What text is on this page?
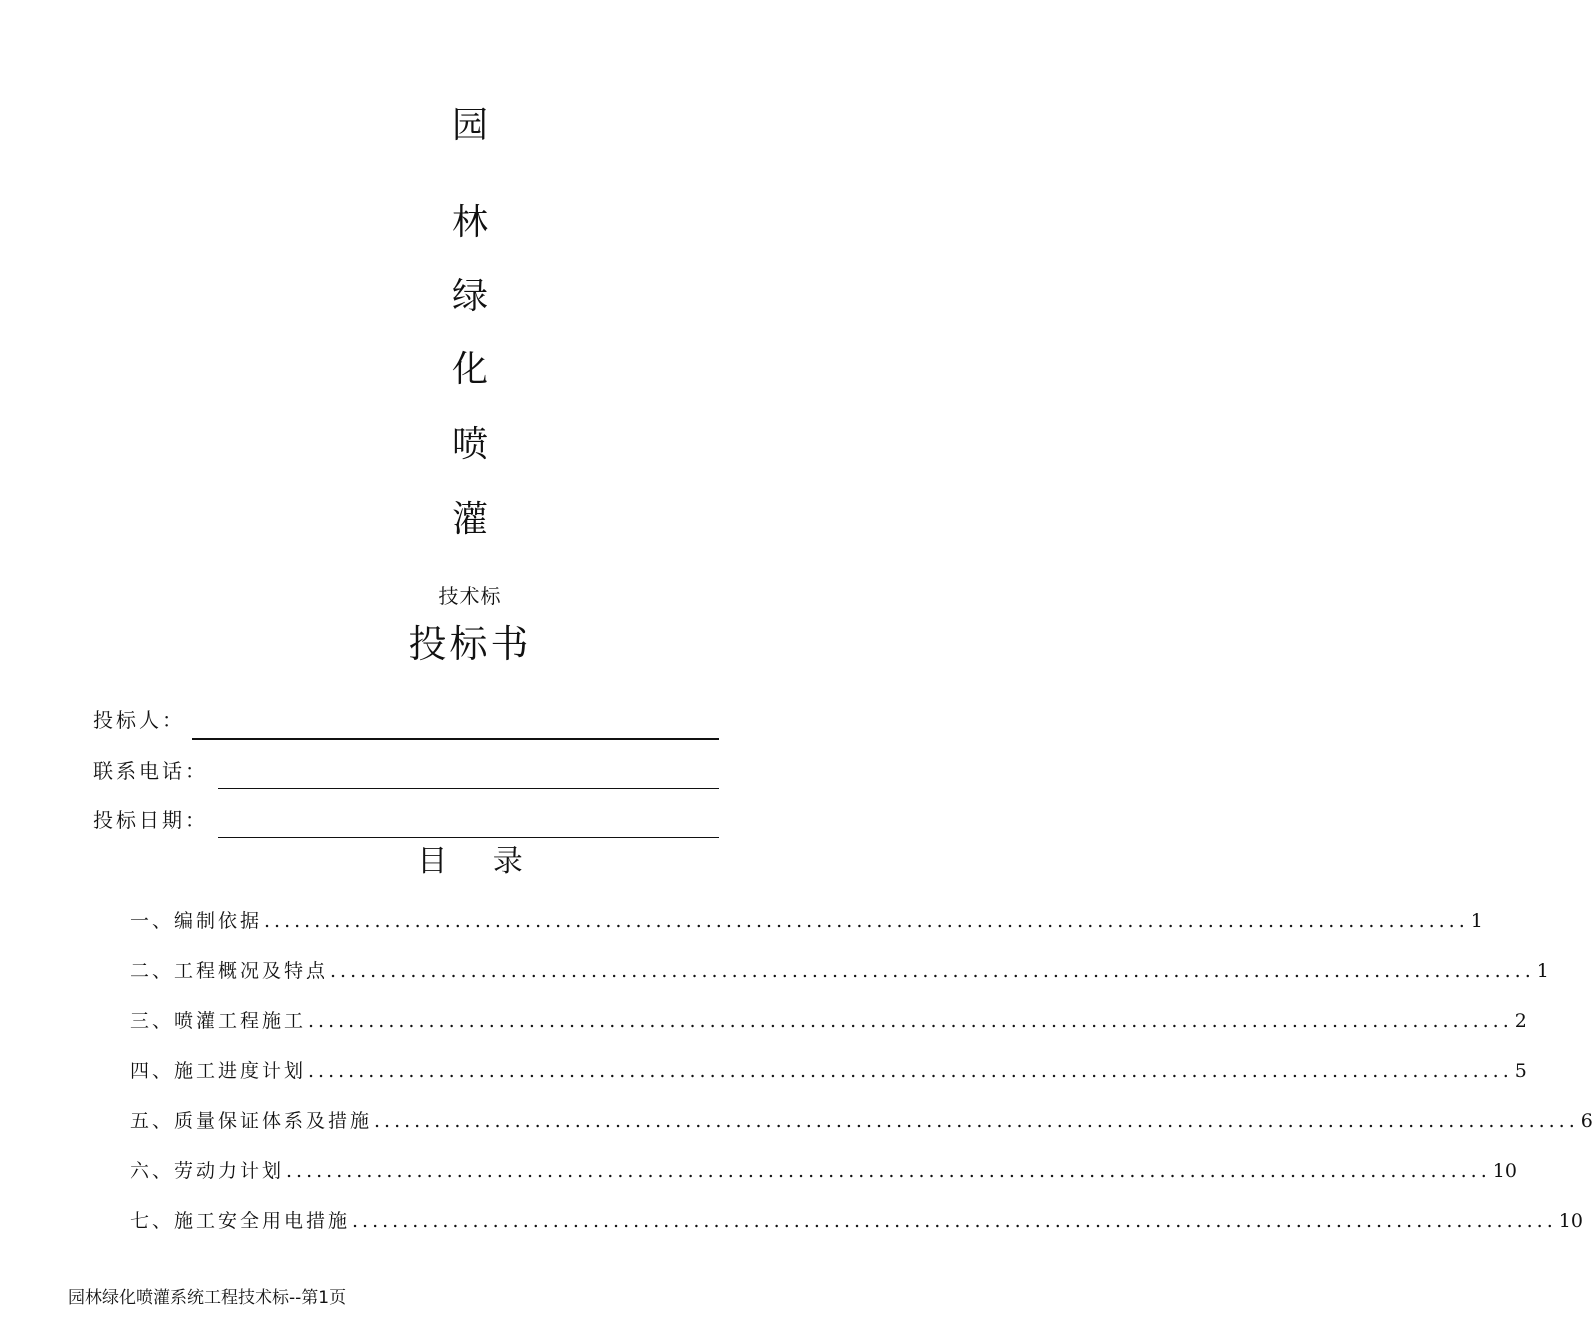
园
林
绿
化
喷
灌
技术标
投标书
投标人：
联系电话：
投标日期：
目 录
一、编制依据 ........................................................................................................................ 1
二、工程概况及特点 ........................................................................................................................ 1
三、喷灌工程施工 ........................................................................................................................ 2
四、施工进度计划 ........................................................................................................................ 5
五、质量保证体系及措施 ........................................................................................................................ 6
六、劳动力计划 ........................................................................................................................ 10
七、施工安全用电措施 ........................................................................................................................ 10
园林绿化喷灌系统工程技术标--第1页
